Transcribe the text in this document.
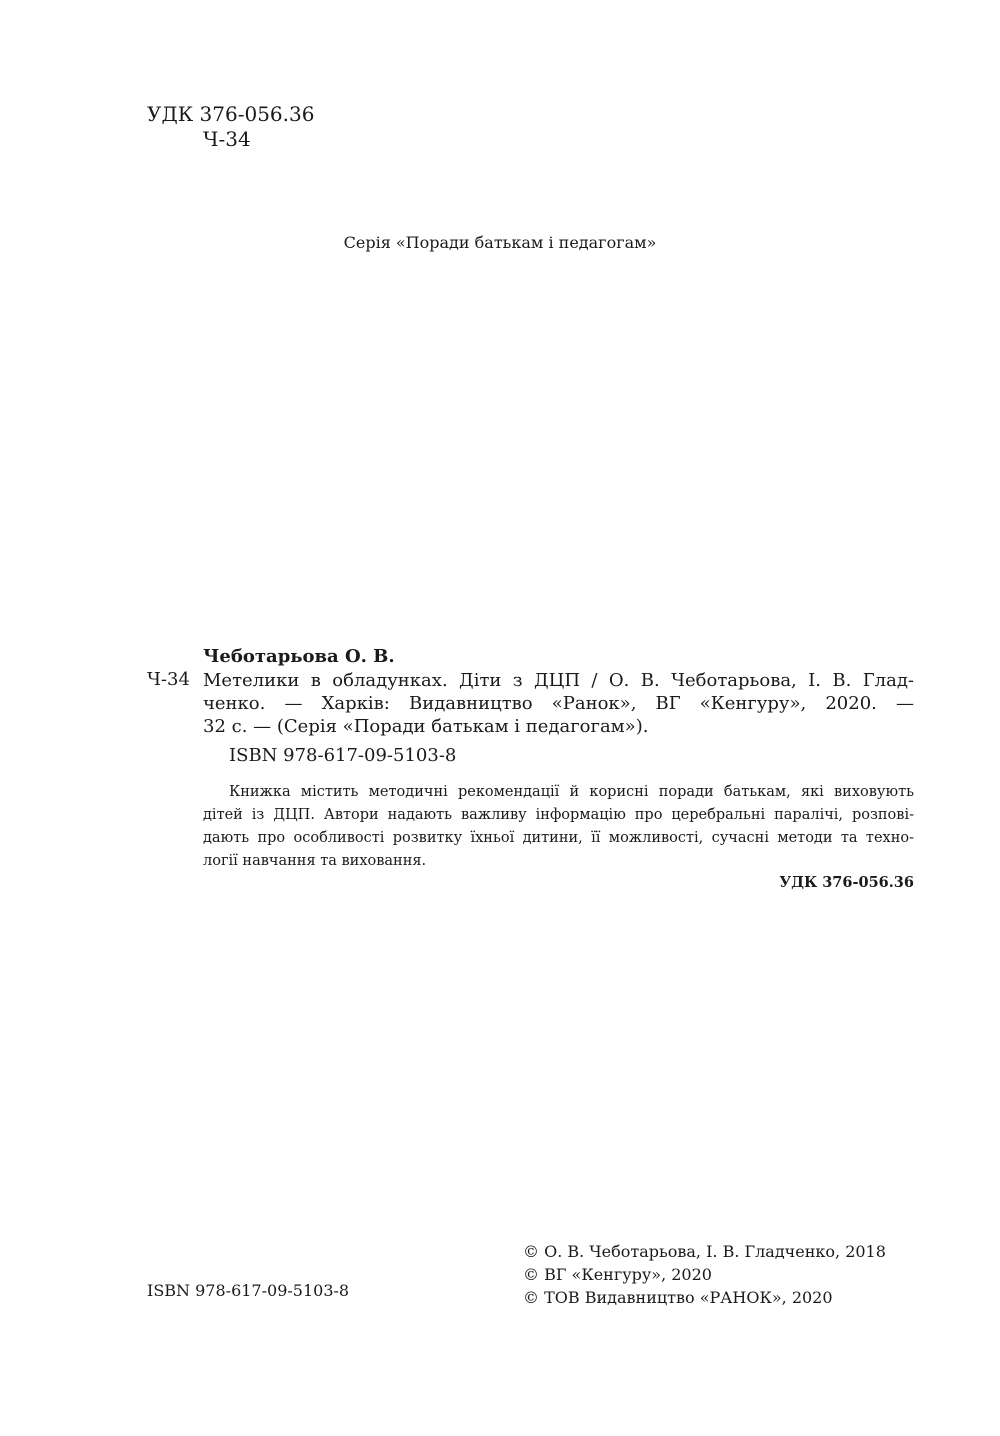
УДК 376-056.36
Ч-34
Серія «Поради батькам і педагогам»
Чеботарьова О. В.
Ч-34 Метелики в обладунках. Діти з ДЦП / О. В. Чеботарьова, І. В. Глад-
ченко. — Харків: Видавництво «Ранок», ВГ «Кенгуру», 2020. —
32 с. — (Серія «Поради батькам і педагогам»).
ISBN 978-617-09-5103-8
Книжка містить методичні рекомендації й корисні поради батькам, які виховують
дітей із ДЦП. Автори надають важливу інформацію про церебральні паралічі, розпові-
дають про особливості розвитку їхньої дитини, її можливості, сучасні методи та техно-
логії навчання та виховання.
УДК 376-056.36
© О. В. Чеботарьова, І. В. Гладченко, 2018
© ВГ «Кенгуру», 2020
© ТОВ Видавництво «РАНОК», 2020
ISBN 978-617-09-5103-8
